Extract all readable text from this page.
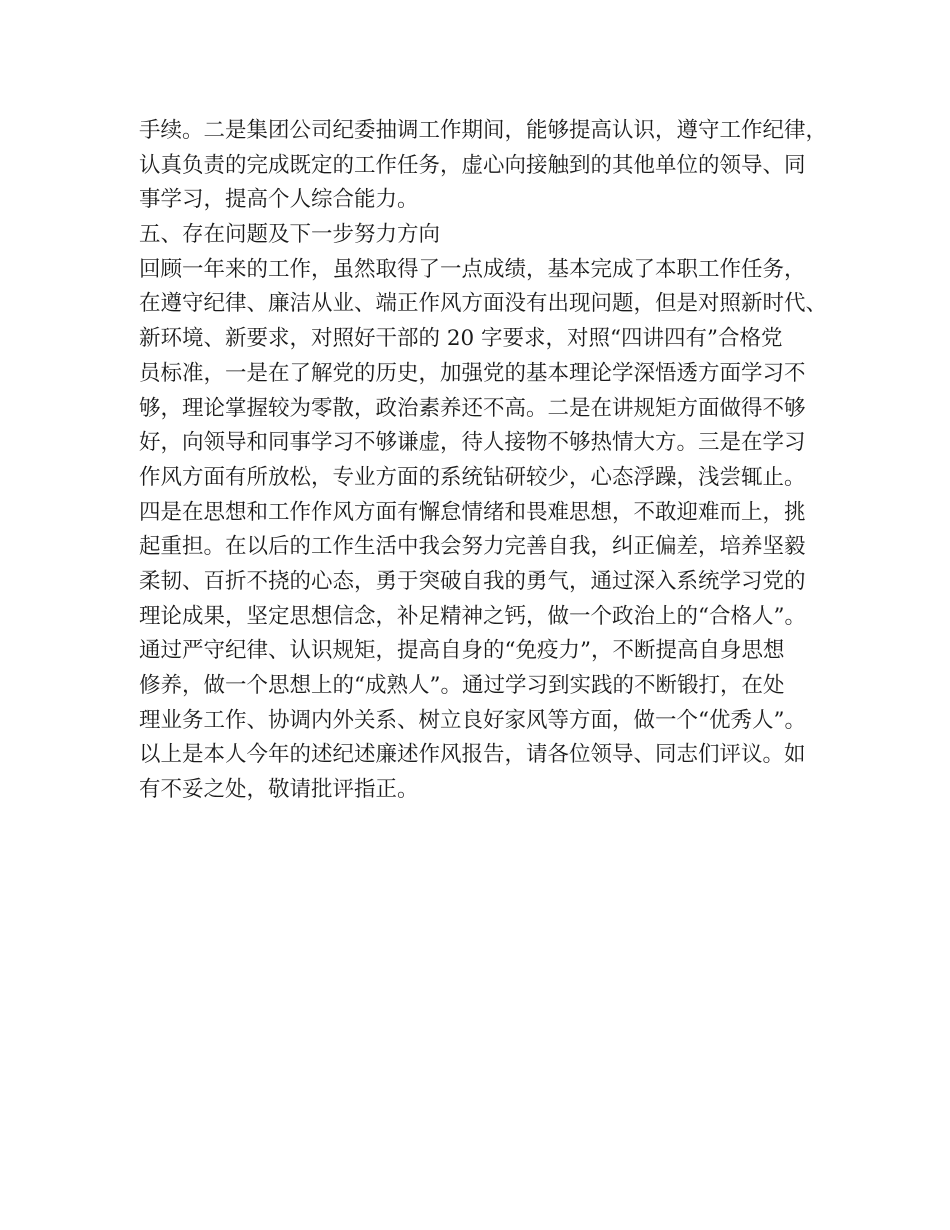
手续。二是集团公司纪委抽调工作期间，能够提高认识，遵守工作纪律，
认真负责的完成既定的工作任务，虚心向接触到的其他单位的领导、同
事学习，提高个人综合能力。
五、存在问题及下一步努力方向
回顾一年来的工作，虽然取得了一点成绩，基本完成了本职工作任务，
在遵守纪律、廉洁从业、端正作风方面没有出现问题，但是对照新时代、
新环境、新要求，对照好干部的 20 字要求，对照“四讲四有”合格党
员标准，一是在了解党的历史，加强党的基本理论学深悟透方面学习不
够，理论掌握较为零散，政治素养还不高。二是在讲规矩方面做得不够
好，向领导和同事学习不够谦虚，待人接物不够热情大方。三是在学习
作风方面有所放松，专业方面的系统钻研较少，心态浮躁，浅尝辄止。
四是在思想和工作作风方面有懈怠情绪和畏难思想，不敢迎难而上，挑
起重担。在以后的工作生活中我会努力完善自我，纠正偏差，培养坚毅
柔韧、百折不挠的心态，勇于突破自我的勇气，通过深入系统学习党的
理论成果，坚定思想信念，补足精神之钙，做一个政治上的“合格人”。
通过严守纪律、认识规矩，提高自身的“免疫力”，不断提高自身思想
修养，做一个思想上的“成熟人”。通过学习到实践的不断锻打，在处
理业务工作、协调内外关系、树立良好家风等方面，做一个“优秀人”。
以上是本人今年的述纪述廉述作风报告，请各位领导、同志们评议。如
有不妥之处，敬请批评指正。
